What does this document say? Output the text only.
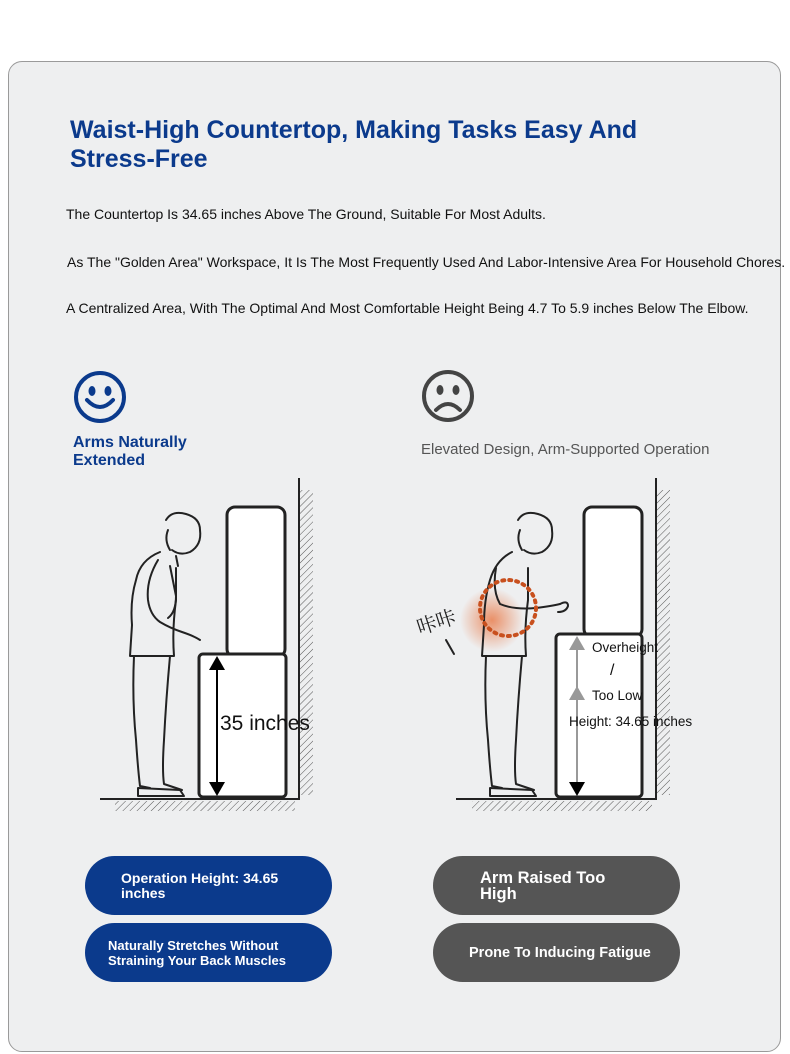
Waist-High Countertop, Making Tasks Easy And Stress-Free
The Countertop Is 34.65 inches Above The Ground, Suitable For Most Adults.
As The "Golden Area" Workspace, It Is The Most Frequently Used And Labor-Intensive Area For Household Chores.
A Centralized Area, With The Optimal And Most Comfortable Height Being 4.7 To 5.9 inches Below The Elbow.
Arms Naturally Extended
Elevated Design, Arm-Supported Operation
35 inches
咔咔
Overheight
/
Too Low
Height: 34.65 inches
Operation Height: 34.65 inches
Naturally Stretches Without Straining Your Back Muscles
Arm Raised Too High
Prone To Inducing Fatigue
